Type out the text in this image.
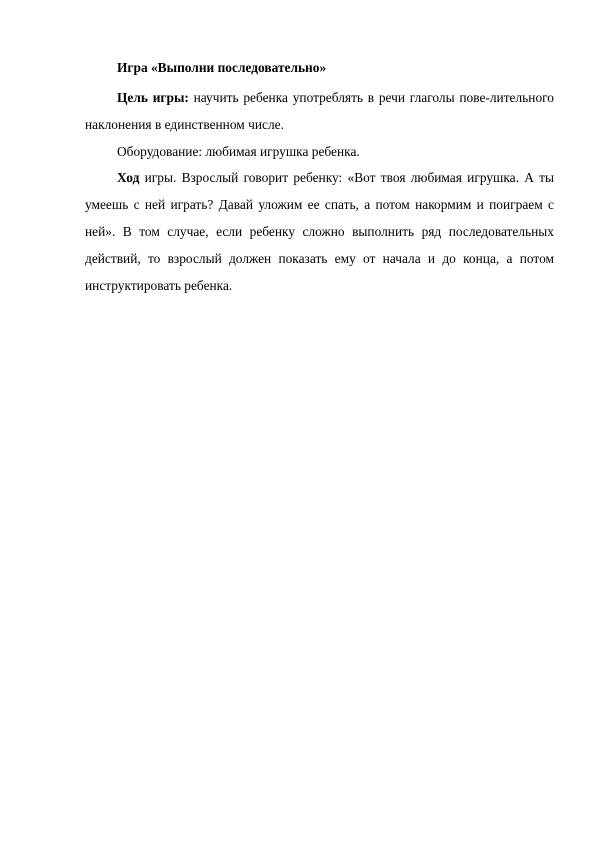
Игра «Выполни последовательно»

Цель игры: научить ребенка употреблять в речи глаголы пове-лительного наклонения в единственном числе.

Оборудование: любимая игрушка ребенка.

Ход игры. Взрослый говорит ребенку: «Вот твоя любимая игрушка. А ты умеешь с ней играть? Давай уложим ее спать, а потом накормим и поиграем с ней». В том случае, если ребенку сложно выполнить ряд последовательных действий, то взрослый должен показать ему от начала и до конца, а потом инструктировать ребенка.
